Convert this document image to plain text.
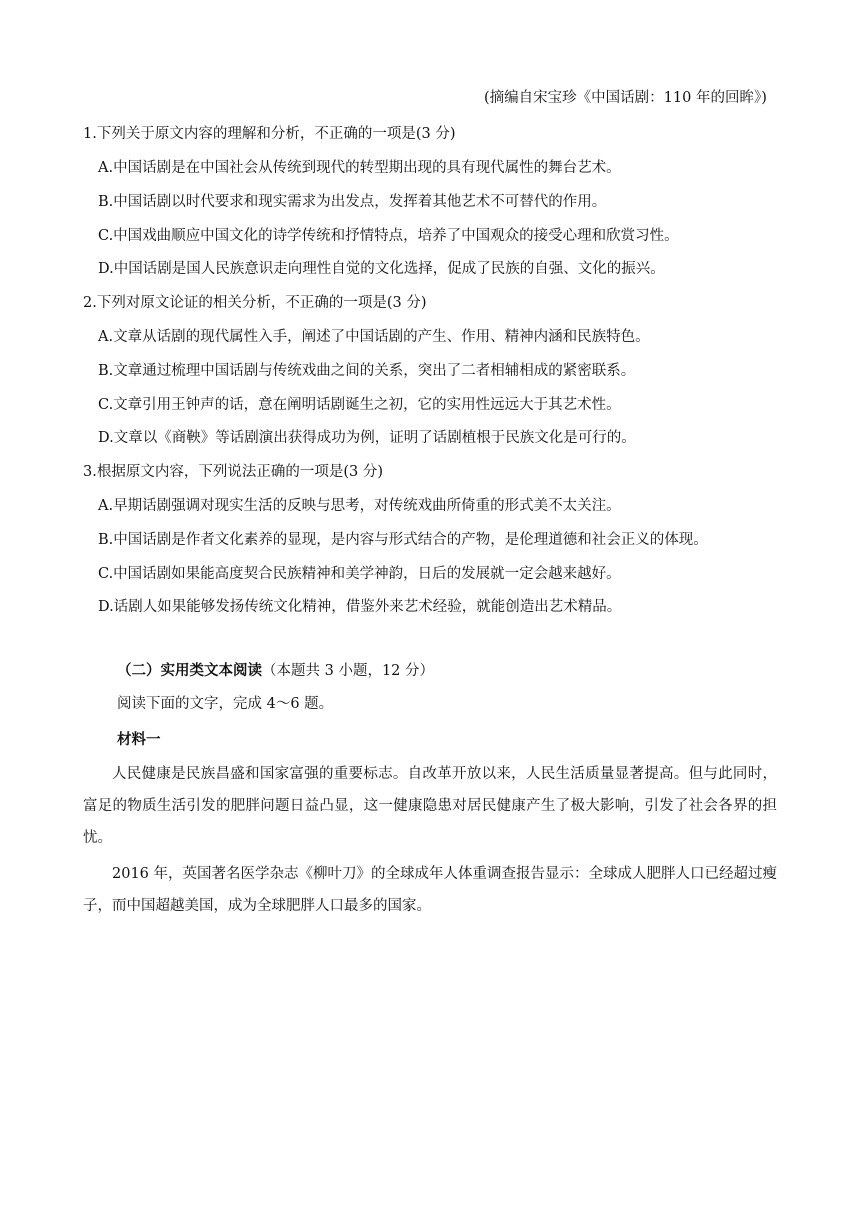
(摘编自宋宝珍《中国话剧：110 年的回眸》)
1.下列关于原文内容的理解和分析，不正确的一项是(3 分)
A.中国话剧是在中国社会从传统到现代的转型期出现的具有现代属性的舞台艺术。
B.中国话剧以时代要求和现实需求为出发点，发挥着其他艺术不可替代的作用。
C.中国戏曲顺应中国文化的诗学传统和抒情特点，培养了中国观众的接受心理和欣赏习性。
D.中国话剧是国人民族意识走向理性自觉的文化选择，促成了民族的自强、文化的振兴。
2.下列对原文论证的相关分析，不正确的一项是(3 分)
A.文章从话剧的现代属性入手，阐述了中国话剧的产生、作用、精神内涵和民族特色。
B.文章通过梳理中国话剧与传统戏曲之间的关系，突出了二者相辅相成的紧密联系。
C.文章引用王钟声的话，意在阐明话剧诞生之初，它的实用性远远大于其艺术性。
D.文章以《商鞅》等话剧演出获得成功为例，证明了话剧植根于民族文化是可行的。
3.根据原文内容，下列说法正确的一项是(3 分)
A.早期话剧强调对现实生活的反映与思考，对传统戏曲所倚重的形式美不太关注。
B.中国话剧是作者文化素养的显现，是内容与形式结合的产物，是伦理道德和社会正义的体现。
C.中国话剧如果能高度契合民族精神和美学神韵，日后的发展就一定会越来越好。
D.话剧人如果能够发扬传统文化精神，借鉴外来艺术经验，就能创造出艺术精品。
（二）实用类文本阅读（本题共 3 小题，12 分）
阅读下面的文字，完成 4～6 题。
材料一

人民健康是民族昌盛和国家富强的重要标志。自改革开放以来，人民生活质量显著提高。但与此同时，富足的物质生活引发的肥胖问题日益凸显，这一健康隐患对居民健康产生了极大影响，引发了社会各界的担忧。

2016 年，英国著名医学杂志《柳叶刀》的全球成年人体重调查报告显示：全球成人肥胖人口已经超过瘦子，而中国超越美国，成为全球肥胖人口最多的国家。
